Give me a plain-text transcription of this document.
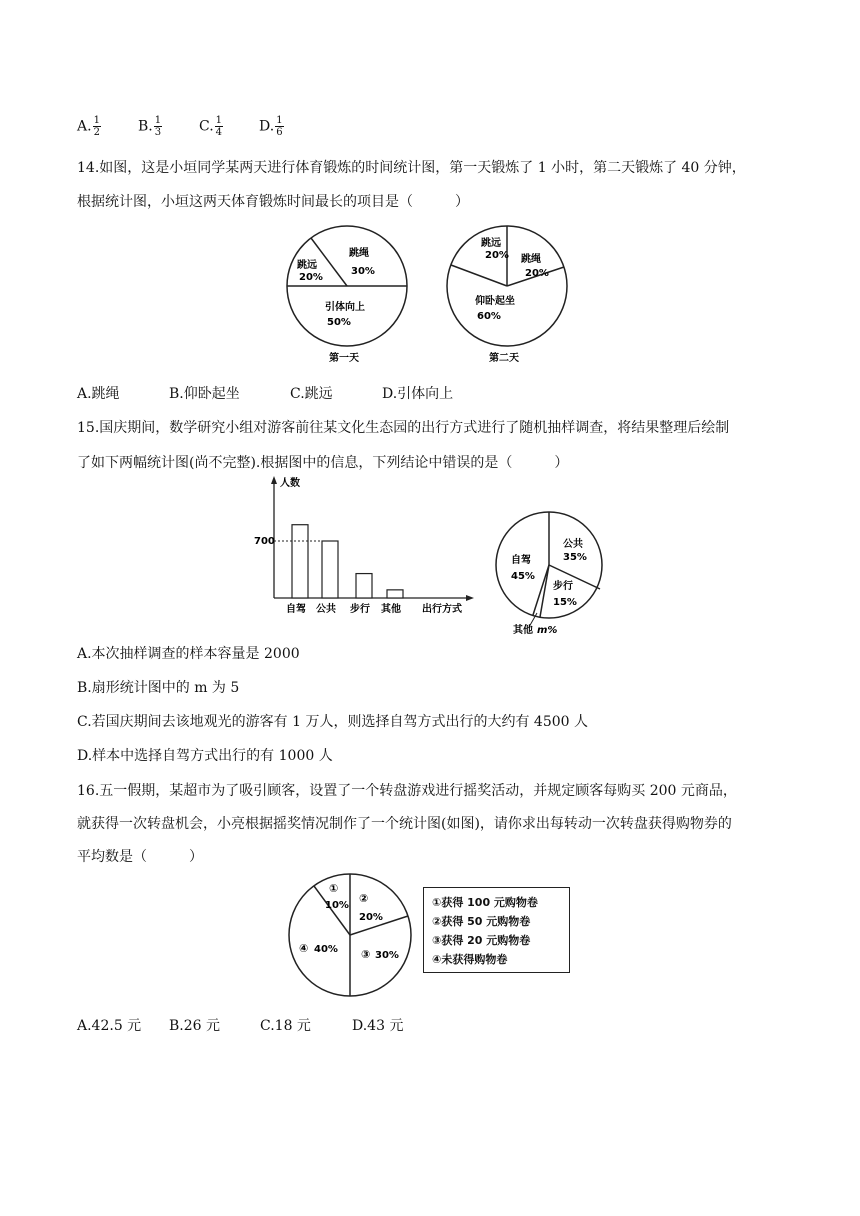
A. $\frac{1}{2}$	B. $\frac{1}{3}$	C. $\frac{1}{4}$	D. $\frac{1}{6}$
14.如图，这是小垣同学某两天进行体育锻炼的时间统计图，第一天锻炼了 1 小时，第二天锻炼了 40 分钟，
根据统计图，小垣这两天体育锻炼时间最长的项目是（　　　）
跳远
20%
跳绳
30%
引体向上
50%
第一天
跳远
20% 跳绳
20%
仰卧起坐
60%
第二天
A.跳绳	B.仰卧起坐	C.跳远	D.引体向上
15.国庆期间，数学研究小组对游客前往某文化生态园的出行方式进行了随机抽样调查，将结果整理后绘制
了如下两幅统计图(尚不完整).根据图中的信息，下列结论中错误的是（　　　）
人数
出行方式
700
自驾 公共 步行 其他
公共
35%
自驾
45%
步行
15%
其他 m%
A.本次抽样调查的样本容量是 2000
B.扇形统计图中的 m 为 5
C.若国庆期间去该地观光的游客有 1 万人，则选择自驾方式出行的大约有 4500 人
D.样本中选择自驾方式出行的有 1000 人
16.五一假期，某超市为了吸引顾客，设置了一个转盘游戏进行摇奖活动，并规定顾客每购买 200 元商品，
就获得一次转盘机会，小亮根据摇奖情况制作了一个统计图(如图)，请你求出每转动一次转盘获得购物券的
平均数是（　　　）
①
10%
②
20%
③ 30%
④ 40%
①获得 100 元购物卷
②获得 50 元购物卷
③获得 20 元购物卷
④未获得购物卷
A.42.5 元 B.26 元	C.18 元	D.43 元
